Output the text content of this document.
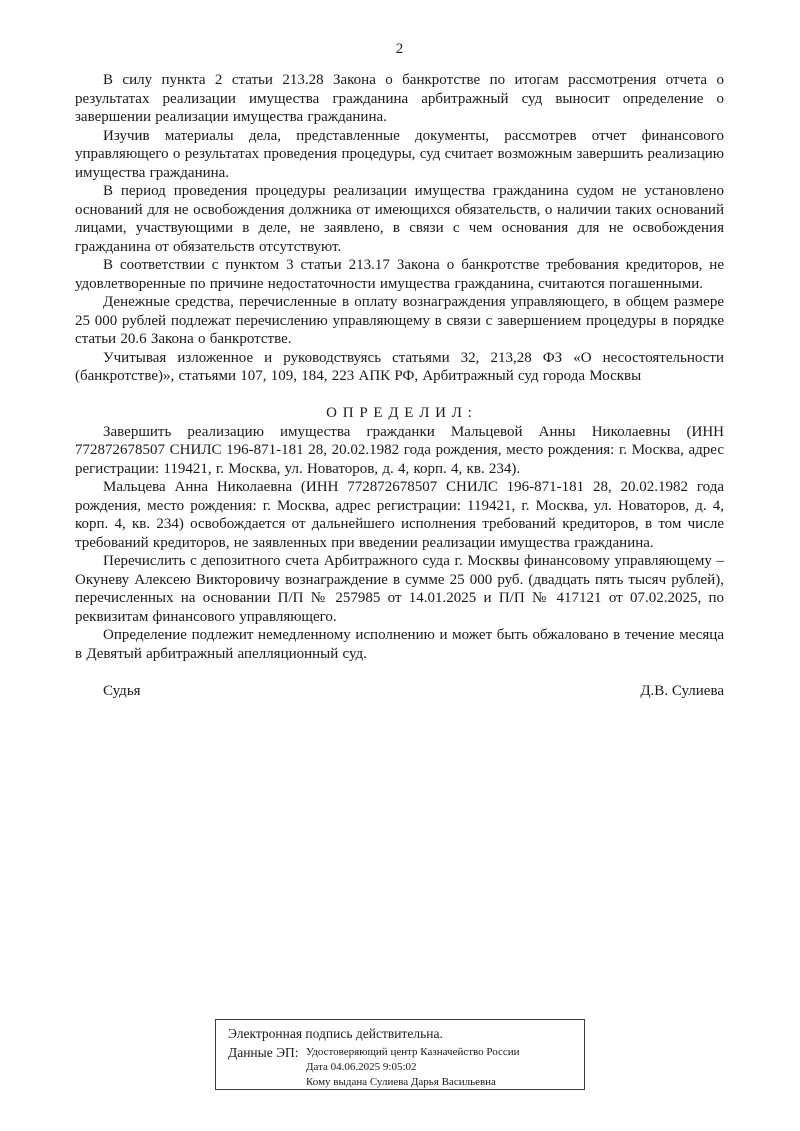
2

В силу пункта 2 статьи 213.28 Закона о банкротстве по итогам рассмотрения отчета о результатах реализации имущества гражданина арбитражный суд выносит определение о завершении реализации имущества гражданина.

Изучив материалы дела, представленные документы, рассмотрев отчет финансового управляющего о результатах проведения процедуры, суд считает возможным завершить реализацию имущества гражданина.

В период проведения процедуры реализации имущества гражданина судом не установлено оснований для не освобождения должника от имеющихся обязательств, о наличии таких оснований лицами, участвующими в деле, не заявлено, в связи с чем основания для не освобождения гражданина от обязательств отсутствуют.

В соответствии с пунктом 3 статьи 213.17 Закона о банкротстве требования кредиторов, не удовлетворенные по причине недостаточности имущества гражданина, считаются погашенными.

Денежные средства, перечисленные в оплату вознаграждения управляющего, в общем размере 25 000 рублей подлежат перечислению управляющему в связи с завершением процедуры в порядке статьи 20.6 Закона о банкротстве.

Учитывая изложенное и руководствуясь статьями 32, 213,28 ФЗ «О несостоятельности (банкротстве)», статьями 107, 109, 184, 223 АПК РФ, Арбитражный суд города Москвы

О П Р Е Д Е Л И Л :

Завершить реализацию имущества гражданки Мальцевой Анны Николаевны (ИНН 772872678507 СНИЛС 196-871-181 28, 20.02.1982 года рождения, место рождения: г. Москва, адрес регистрации: 119421, г. Москва, ул. Новаторов, д. 4, корп. 4, кв. 234).

Мальцева Анна Николаевна (ИНН 772872678507 СНИЛС 196-871-181 28, 20.02.1982 года рождения, место рождения: г. Москва, адрес регистрации: 119421, г. Москва, ул. Новаторов, д. 4, корп. 4, кв. 234) освобождается от дальнейшего исполнения требований кредиторов, в том числе требований кредиторов, не заявленных при введении реализации имущества гражданина.

Перечислить с депозитного счета Арбитражного суда г. Москвы финансовому управляющему – Окуневу Алексею Викторовичу вознаграждение в сумме 25 000 руб. (двадцать пять тысяч рублей), перечисленных на основании П/П № 257985 от 14.01.2025 и П/П № 417121 от 07.02.2025, по реквизитам финансового управляющего.

Определение подлежит немедленному исполнению и может быть обжаловано в течение месяца в Девятый арбитражный апелляционный суд.

Судья	Д.В. Сулиева
Электронная подпись действительна.
Данные ЭП: Удостоверяющий центр Казначейство России
Дата 04.06.2025 9:05:02
Кому выдана Сулиева Дарья Васильевна
